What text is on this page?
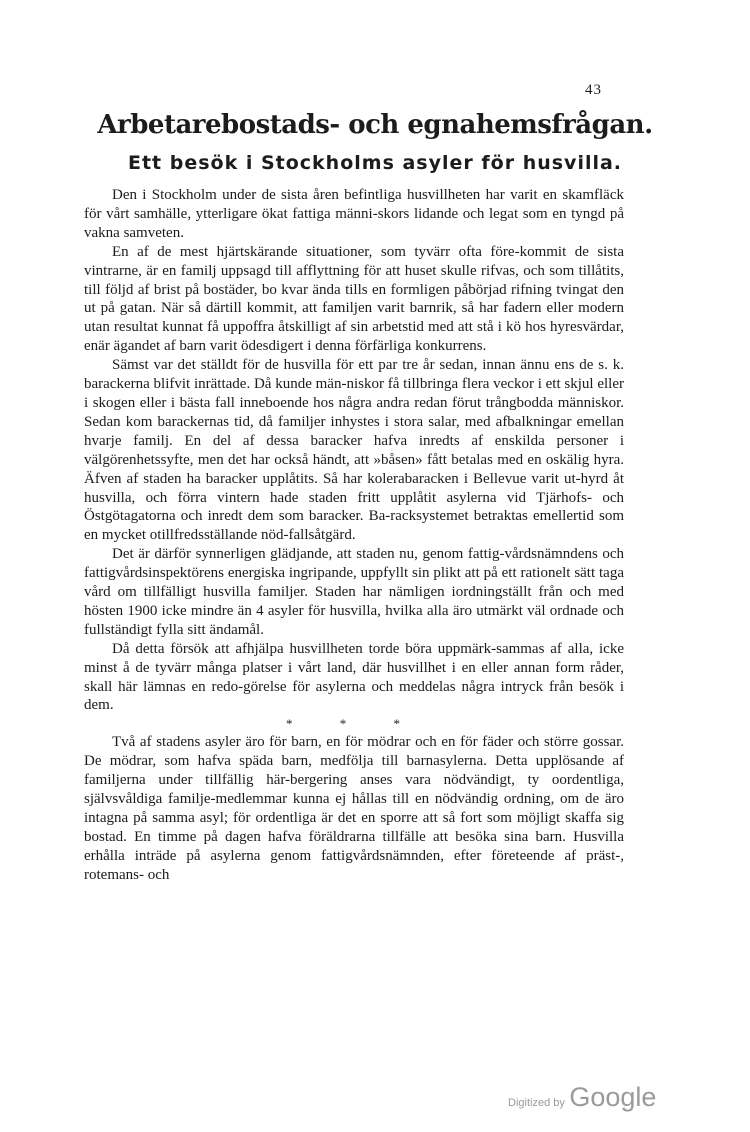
43
Arbetarebostads- och egnahemsfrågan.
Ett besök i Stockholms asyler för husvilla.

Den i Stockholm under de sista åren befintliga husvillheten har varit en skamfläck för vårt samhälle, ytterligare ökat fattiga männi-skors lidande och legat som en tyngd på vakna samveten.

En af de mest hjärtskärande situationer, som tyvärr ofta före-kommit de sista vintrarne, är en familj uppsagd till afflyttning för att huset skulle rifvas, och som tillåtits, till följd af brist på bostäder, bo kvar ända tills en formligen påbörjad rifning tvingat den ut på gatan. När så därtill kommit, att familjen varit barnrik, så har fadern eller modern utan resultat kunnat få uppoffra åtskilligt af sin arbetstid med att stå i kö hos hyresvärdar, enär ägandet af barn varit ödesdigert i denna förfärliga konkurrens.

Sämst var det ställdt för de husvilla för ett par tre år sedan, innan ännu ens de s. k. barackerna blifvit inrättade. Då kunde män-niskor få tillbringa flera veckor i ett skjul eller i skogen eller i bästa fall inneboende hos några andra redan förut trångbodda människor. Sedan kom barackernas tid, då familjer inhystes i stora salar, med afbalkningar emellan hvarje familj. En del af dessa baracker hafva inredts af enskilda personer i välgörenhetssyfte, men det har också händt, att »båsen» fått betalas med en oskälig hyra. Äfven af staden ha baracker upplåtits. Så har kolerabaracken i Bellevue varit ut-hyrd åt husvilla, och förra vintern hade staden fritt upplåtit asylerna vid Tjärhofs- och Östgötagatorna och inredt dem som baracker. Ba-racksystemet betraktas emellertid som en mycket otillfredsställande nöd-fallsåtgärd.

Det är därför synnerligen glädjande, att staden nu, genom fattig-vårdsnämndens och fattigvårdsinspektörens energiska ingripande, uppfyllt sin plikt att på ett rationelt sätt taga vård om tillfälligt husvilla familjer. Staden har nämligen iordningställt från och med hösten 1900 icke mindre än 4 asyler för husvilla, hvilka alla äro utmärkt väl ordnade och fullständigt fylla sitt ändamål.

Då detta försök att afhjälpa husvillheten torde böra uppmärk-sammas af alla, icke minst å de tyvärr många platser i vårt land, där husvillhet i en eller annan form råder, skall här lämnas en redo-görelse för asylerna och meddelas några intryck från besök i dem.

* * *

Två af stadens asyler äro för barn, en för mödrar och en för fäder och större gossar. De mödrar, som hafva späda barn, medfölja till barnasylerna. Detta upplösande af familjerna under tillfällig här-bergering anses vara nödvändigt, ty oordentliga, självsvåldiga familje-medlemmar kunna ej hållas till en nödvändig ordning, om de äro intagna på samma asyl; för ordentliga är det en sporre att så fort som möjligt skaffa sig bostad. En timme på dagen hafva föräldrarna tillfälle att besöka sina barn. Husvilla erhålla inträde på asylerna genom fattigvårdsnämnden, efter företeende af präst-, rotemans- och

Digitized by Google
